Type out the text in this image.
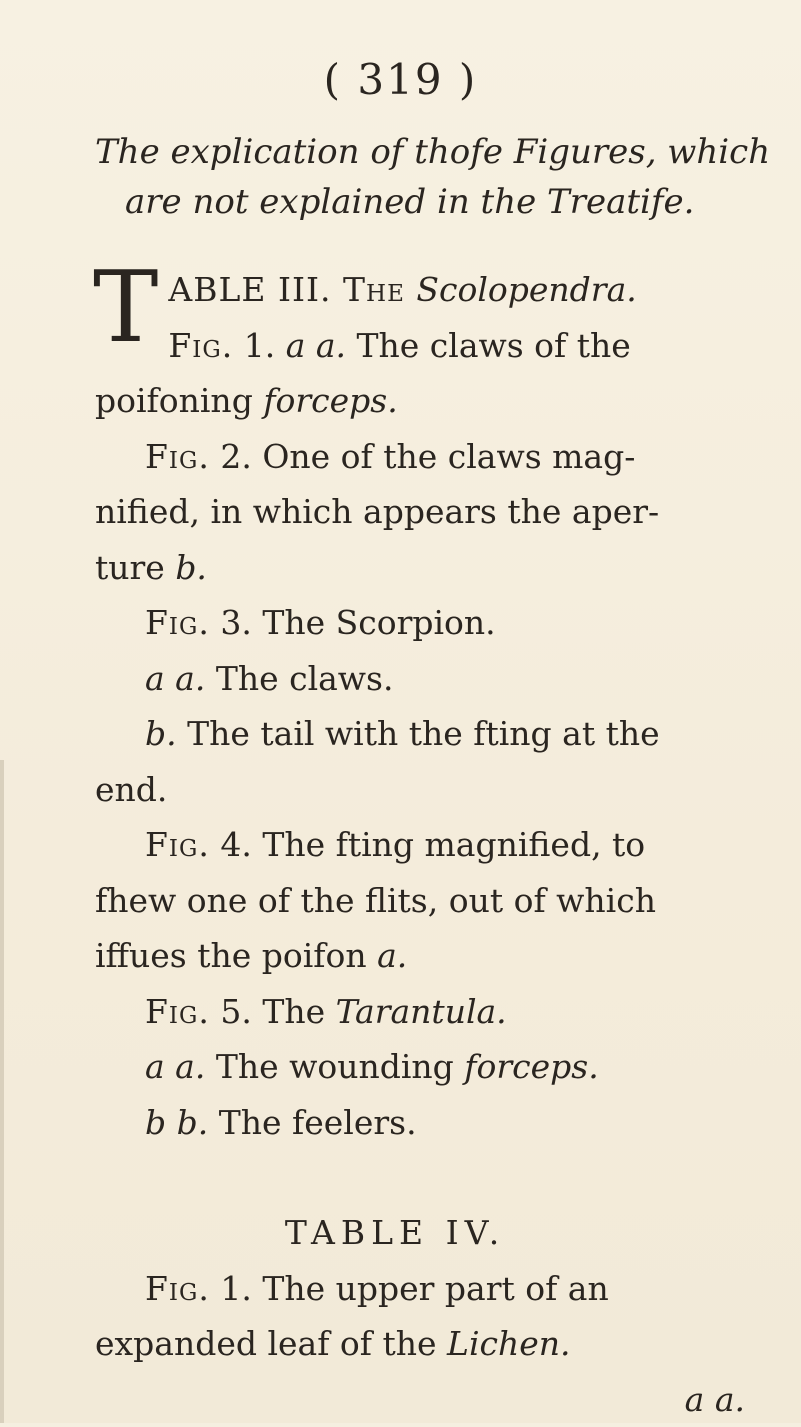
( 319 )
The explication of thofe Figures, which
are not explained in the Treatife.
T ABLE III. The Scolopendra.
Fig. 1. a a. The claws of the
poifoning forceps.
Fig. 2. One of the claws mag-
nified, in which appears the aper-
ture b.
Fig. 3. The Scorpion.
a a. The claws.
b. The tail with the fting at the
end.
Fig. 4. The fting magnified, to
fhew one of the flits, out of which
iffues the poifon a.
Fig. 5. The Tarantula.
a a. The wounding forceps.
b b. The feelers.
TABLE IV.
Fig. 1. The upper part of an
expanded leaf of the Lichen.
a a.
